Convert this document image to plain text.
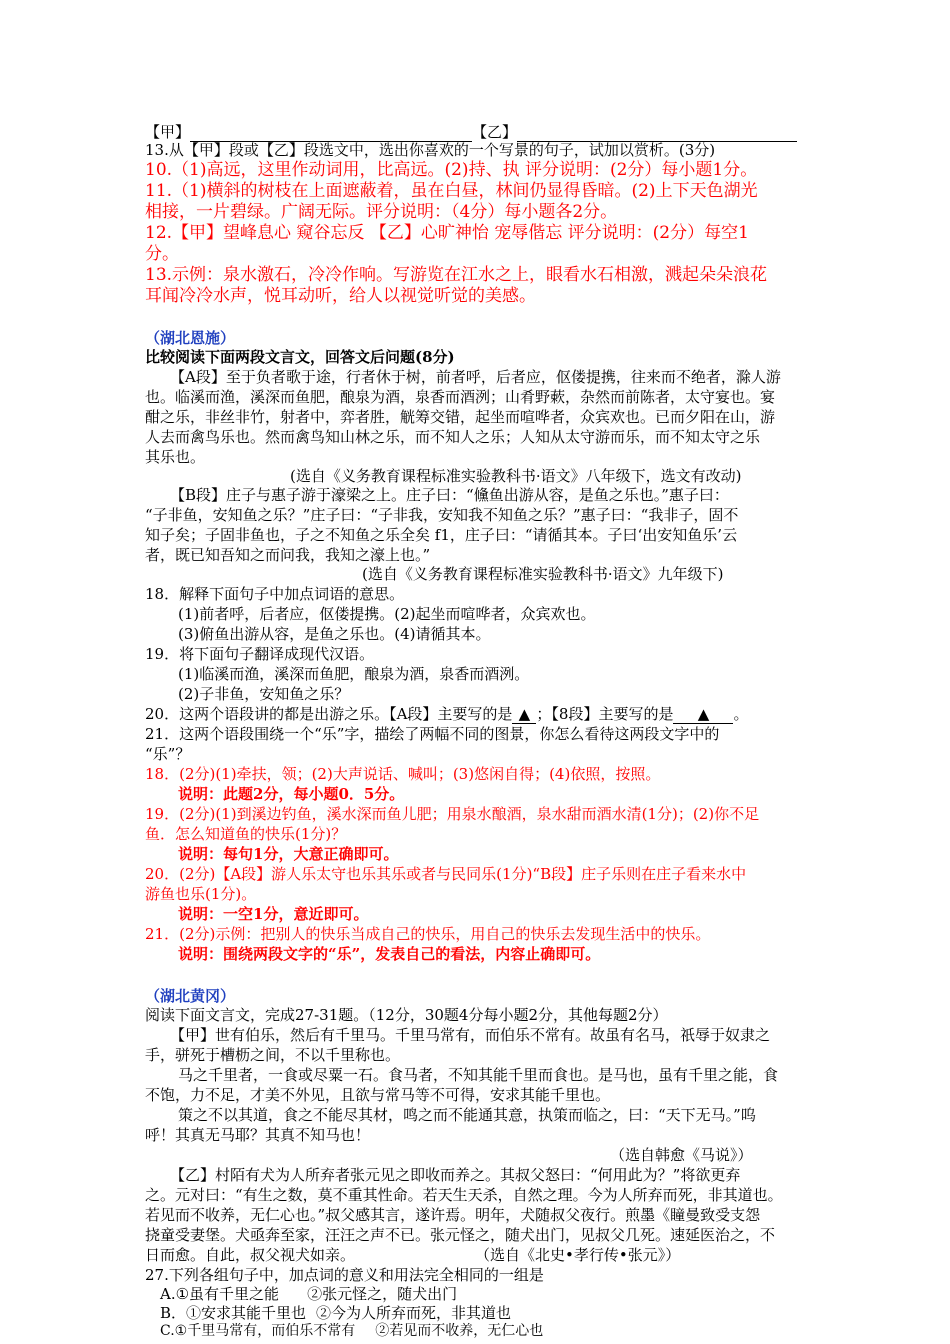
【甲】	【乙】
13.从【甲】段或【乙】段选文中，选出你喜欢的一个写景的句子，试加以赏析。(3分)
10.（1)高远，这里作动词用，比高远。(2)持、执 评分说明：(2分）每小题1分。
11.（1)横斜的树枝在上面遮蔽着，虽在白昼，林间仍显得昏暗。(2)上下天色湖光
相接，一片碧绿。广阔无际。评分说明：（4分）每小题各2分。
12.【甲】望峰息心 窥谷忘反 【乙】心旷神怡 宠辱偕忘 评分说明：(2分）每空1
分。
13.示例：泉水激石，冷冷作响。写游览在江水之上，眼看水石相激，溅起朵朵浪花
耳闻冷冷水声，悦耳动听，给人以视觉听觉的美感。
（湖北恩施）
比较阅读下面两段文言文，回答文后问题(8分)
【A段】至于负者歌于途，行者休于树，前者呼，后者应，伛偻提携，往来而不绝者，滁人游
也。临溪而渔，溪深而鱼肥，酿泉为酒，泉香而酒洌；山肴野蔌，杂然而前陈者，太守宴也。宴
酣之乐，非丝非竹，射者中，弈者胜，觥筹交错，起坐而喧哗者，众宾欢也。已而夕阳在山，游
人去而禽鸟乐也。然而禽鸟知山林之乐，而不知人之乐；人知从太守游而乐，而不知太守之乐
其乐也。
(选自《义务教育课程标准实验教科书·语文》八年级下，选文有改动)
【B段】庄子与惠子游于濠梁之上。庄子曰：“儵鱼出游从容，是鱼之乐也。”惠子曰：
“子非鱼，安知鱼之乐？”庄子曰：“子非我，安知我不知鱼之乐？”惠子曰：“我非子，固不
知子矣；子固非鱼也，子之不知鱼之乐全矣 f1，庄子曰：“请循其本。子曰‘出安知鱼乐’云
者，既已知吾知之而问我，我知之濠上也。”
(选自《义务教育课程标准实验教科书·语文》九年级下)
18．解释下面句子中加点词语的意思。
(1)前者呼，后者应，伛偻提携。(2)起坐而喧哗者，众宾欢也。
(3)俯鱼出游从容，是鱼之乐也。(4)请循其本。
19．将下面句子翻译成现代汉语。
(1)临溪而渔，溪深而鱼肥，酿泉为酒，泉香而酒洌。
(2)子非鱼，安知鱼之乐？
20．这两个语段讲的都是出游之乐。【A段】主要写的是 ▲ ；【8段】主要写的是 ▲ 。
21．这两个语段围绕一个“乐”字，描绘了两幅不同的图景，你怎么看待这两段文字中的
“乐”？
18．(2分)(1)牵扶，领；(2)大声说话、喊叫；(3)悠闲自得；(4)依照，按照。
说明：此题2分，每小题0．5分。
19．(2分)(1)到溪边钓鱼，溪水深而鱼儿肥；用泉水酿酒，泉水甜而酒水清(1分)；(2)你不足
鱼．怎么知道鱼的快乐(1分)？
说明：每句1分，大意正确即可。
20．(2分)【A段】游人乐太守也乐其乐或者与民同乐(1分)“B段】庄子乐则在庄子看来水中
游鱼也乐(1分)。
说明：一空1分，意近即可。
21．(2分)示例：把别人的快乐当成自己的快乐，用自己的快乐去发现生活中的快乐。
说明：围绕两段文字的“乐”，发表自己的看法，内容止确即可。
（湖北黄冈）
阅读下面文言文，完成27-31题。（12分，30题4分每小题2分，其他每题2分）
【甲】世有伯乐，然后有千里马。千里马常有，而伯乐不常有。故虽有名马，祇辱于奴隶之
手，骈死于槽枥之间，不以千里称也。
马之千里者，一食或尽粟一石。食马者，不知其能千里而食也。是马也，虽有千里之能，食
不饱，力不足，才美不外见，且欲与常马等不可得，安求其能千里也。
策之不以其道，食之不能尽其材，鸣之而不能通其意，执策而临之，曰：“天下无马。”呜
呼！其真无马耶？其真不知马也！
（选自韩愈《马说》）
【乙】村陌有犬为人所弃者张元见之即收而养之。其叔父怒曰：“何用此为？”将欲更弃
之。元对曰：“有生之数，莫不重其性命。若天生天杀，自然之理。今为人所弃而死，非其道也。
若见而不收养，无仁心也。”叔父感其言，遂许焉。明年，犬随叔父夜行。煎墨《瞳曼致受支怨
挠童受妻堡。犬亟奔至家，汪汪之声不已。张元怪之，随犬出门，见叔父几死。速延医治之，不
日而愈。自此，叔父视犬如亲。	（选自《北史•孝行传•张元》）
27.下列各组句子中，加点词的意义和用法完全相同的一组是
A.①虽有千里之能 ②张元怪之，随犬出门
B．①安求其能千里也 ②今为人所弃而死，非其道也
C.①千里马常有，而伯乐不常有 ②若见而不收养，无仁心也
